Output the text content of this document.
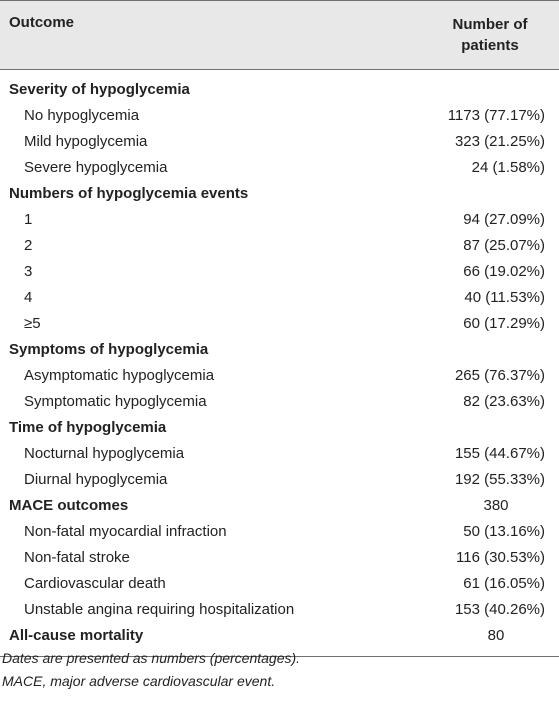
Outcome	Number of
patients
Severity of hypoglycemia
No hypoglycemia	1173 (77.17%)
Mild hypoglycemia	323 (21.25%)
Severe hypoglycemia	24 (1.58%)
Numbers of hypoglycemia events
1	94 (27.09%)
2	87 (25.07%)
3	66 (19.02%)
4	40 (11.53%)
≥5	60 (17.29%)
Symptoms of hypoglycemia
Asymptomatic hypoglycemia	265 (76.37%)
Symptomatic hypoglycemia	82 (23.63%)
Time of hypoglycemia
Nocturnal hypoglycemia	155 (44.67%)
Diurnal hypoglycemia	192 (55.33%)
MACE outcomes	380
Non-fatal myocardial infraction	50 (13.16%)
Non-fatal stroke	116 (30.53%)
Cardiovascular death	61 (16.05%)
Unstable angina requiring hospitalization	153 (40.26%)
All-cause mortality	80
Dates are presented as numbers (percentages).
MACE, major adverse cardiovascular event.
